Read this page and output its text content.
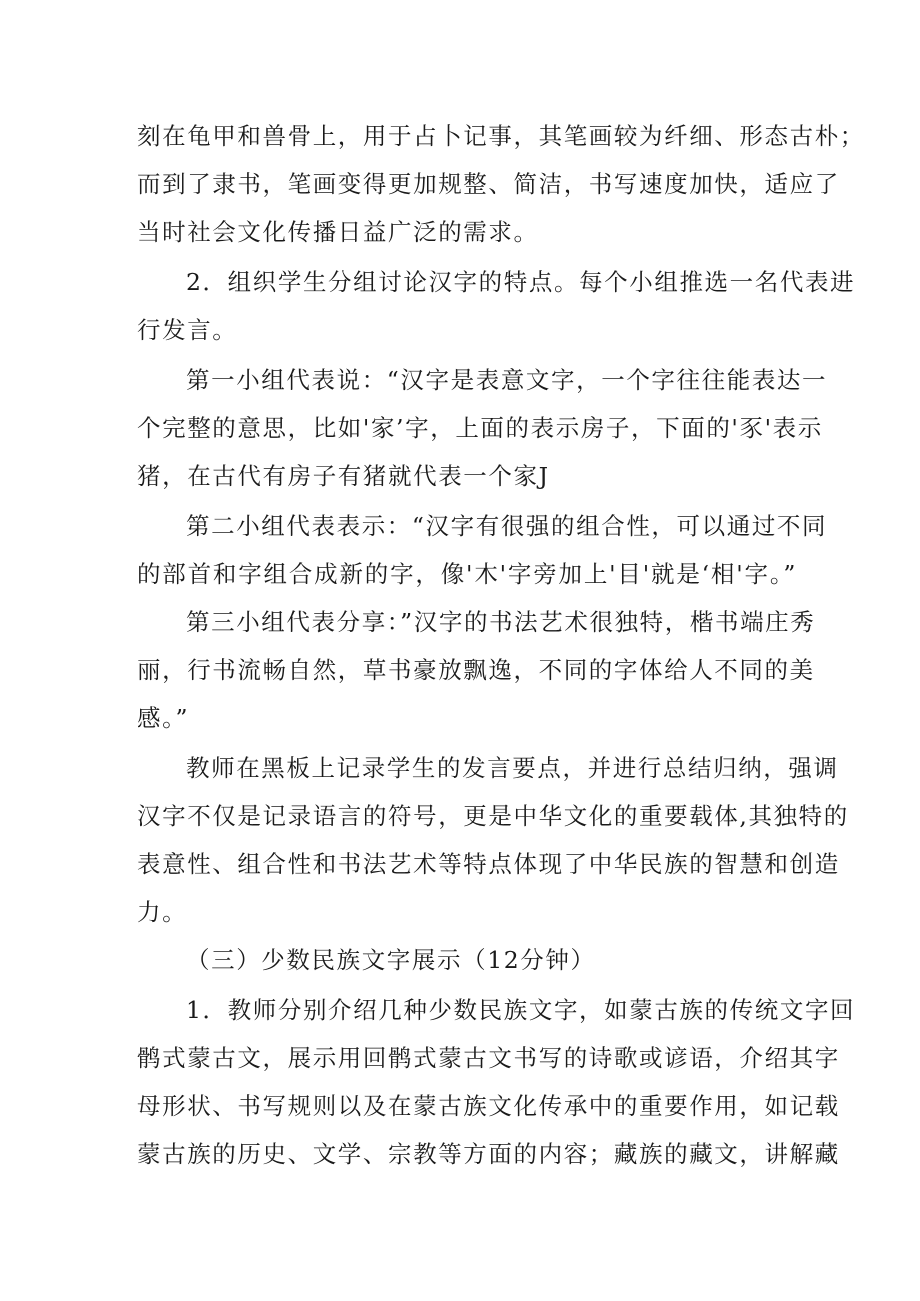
刻在龟甲和兽骨上，用于占卜记事，其笔画较为纤细、形态古朴；
而到了隶书，笔画变得更加规整、简洁，书写速度加快，适应了
当时社会文化传播日益广泛的需求。
2．组织学生分组讨论汉字的特点。每个小组推选一名代表进
行发言。
第一小组代表说：“汉字是表意文字，一个字往往能表达一
个完整的意思，比如'家’字，上面的表示房子，下面的'豕'表示
猪，在古代有房子有猪就代表一个家J
第二小组代表表示：“汉字有很强的组合性，可以通过不同
的部首和字组合成新的字，像'木'字旁加上'目'就是‘相'字。”
第三小组代表分享：”汉字的书法艺术很独特，楷书端庄秀
丽，行书流畅自然，草书豪放飘逸，不同的字体给人不同的美
感。”
教师在黑板上记录学生的发言要点，并进行总结归纳，强调
汉字不仅是记录语言的符号，更是中华文化的重要载体,其独特的
表意性、组合性和书法艺术等特点体现了中华民族的智慧和创造
力。
（三）少数民族文字展示（12分钟）
1．教师分别介绍几种少数民族文字，如蒙古族的传统文字回
鹘式蒙古文，展示用回鹘式蒙古文书写的诗歌或谚语，介绍其字
母形状、书写规则以及在蒙古族文化传承中的重要作用，如记载
蒙古族的历史、文学、宗教等方面的内容；藏族的藏文，讲解藏
